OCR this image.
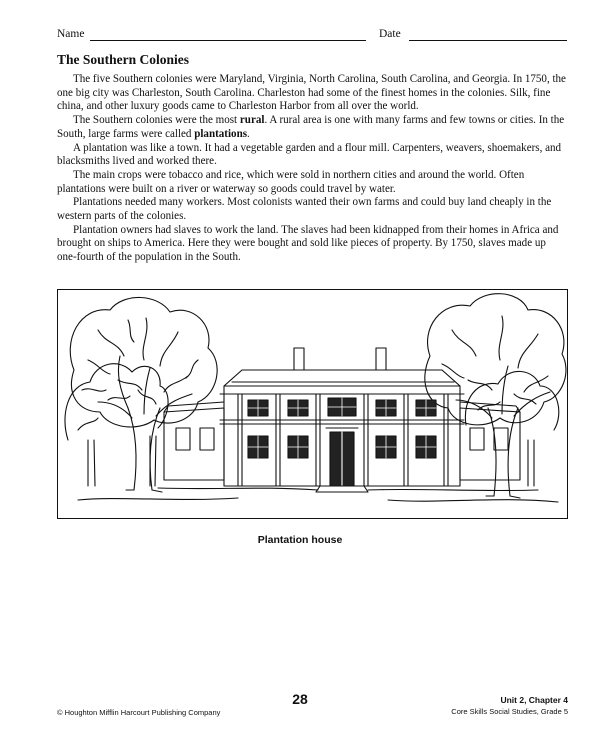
Name	Date
The Southern Colonies

The five Southern colonies were Maryland, Virginia, North Carolina, South Carolina, and Georgia. In 1750, the one big city was Charleston, South Carolina. Charleston had some of the finest homes in the colonies. Silk, fine china, and other luxury goods came to Charleston Harbor from all over the world.

The Southern colonies were the most rural. A rural area is one with many farms and few towns or cities. In the South, large farms were called plantations.

A plantation was like a town. It had a vegetable garden and a flour mill. Carpenters, weavers, shoemakers, and blacksmiths lived and worked there.

The main crops were tobacco and rice, which were sold in northern cities and around the world. Often plantations were built on a river or waterway so goods could travel by water.

Plantations needed many workers. Most colonists wanted their own farms and could buy land cheaply in the western parts of the colonies.

Plantation owners had slaves to work the land. The slaves had been kidnapped from their homes in Africa and brought on ships to America. Here they were bought and sold like pieces of property. By 1750, slaves made up one-fourth of the population in the South.

Plantation house
28
© Houghton Mifflin Harcourt Publishing Company
Unit 2, Chapter 4
Core Skills Social Studies, Grade 5
